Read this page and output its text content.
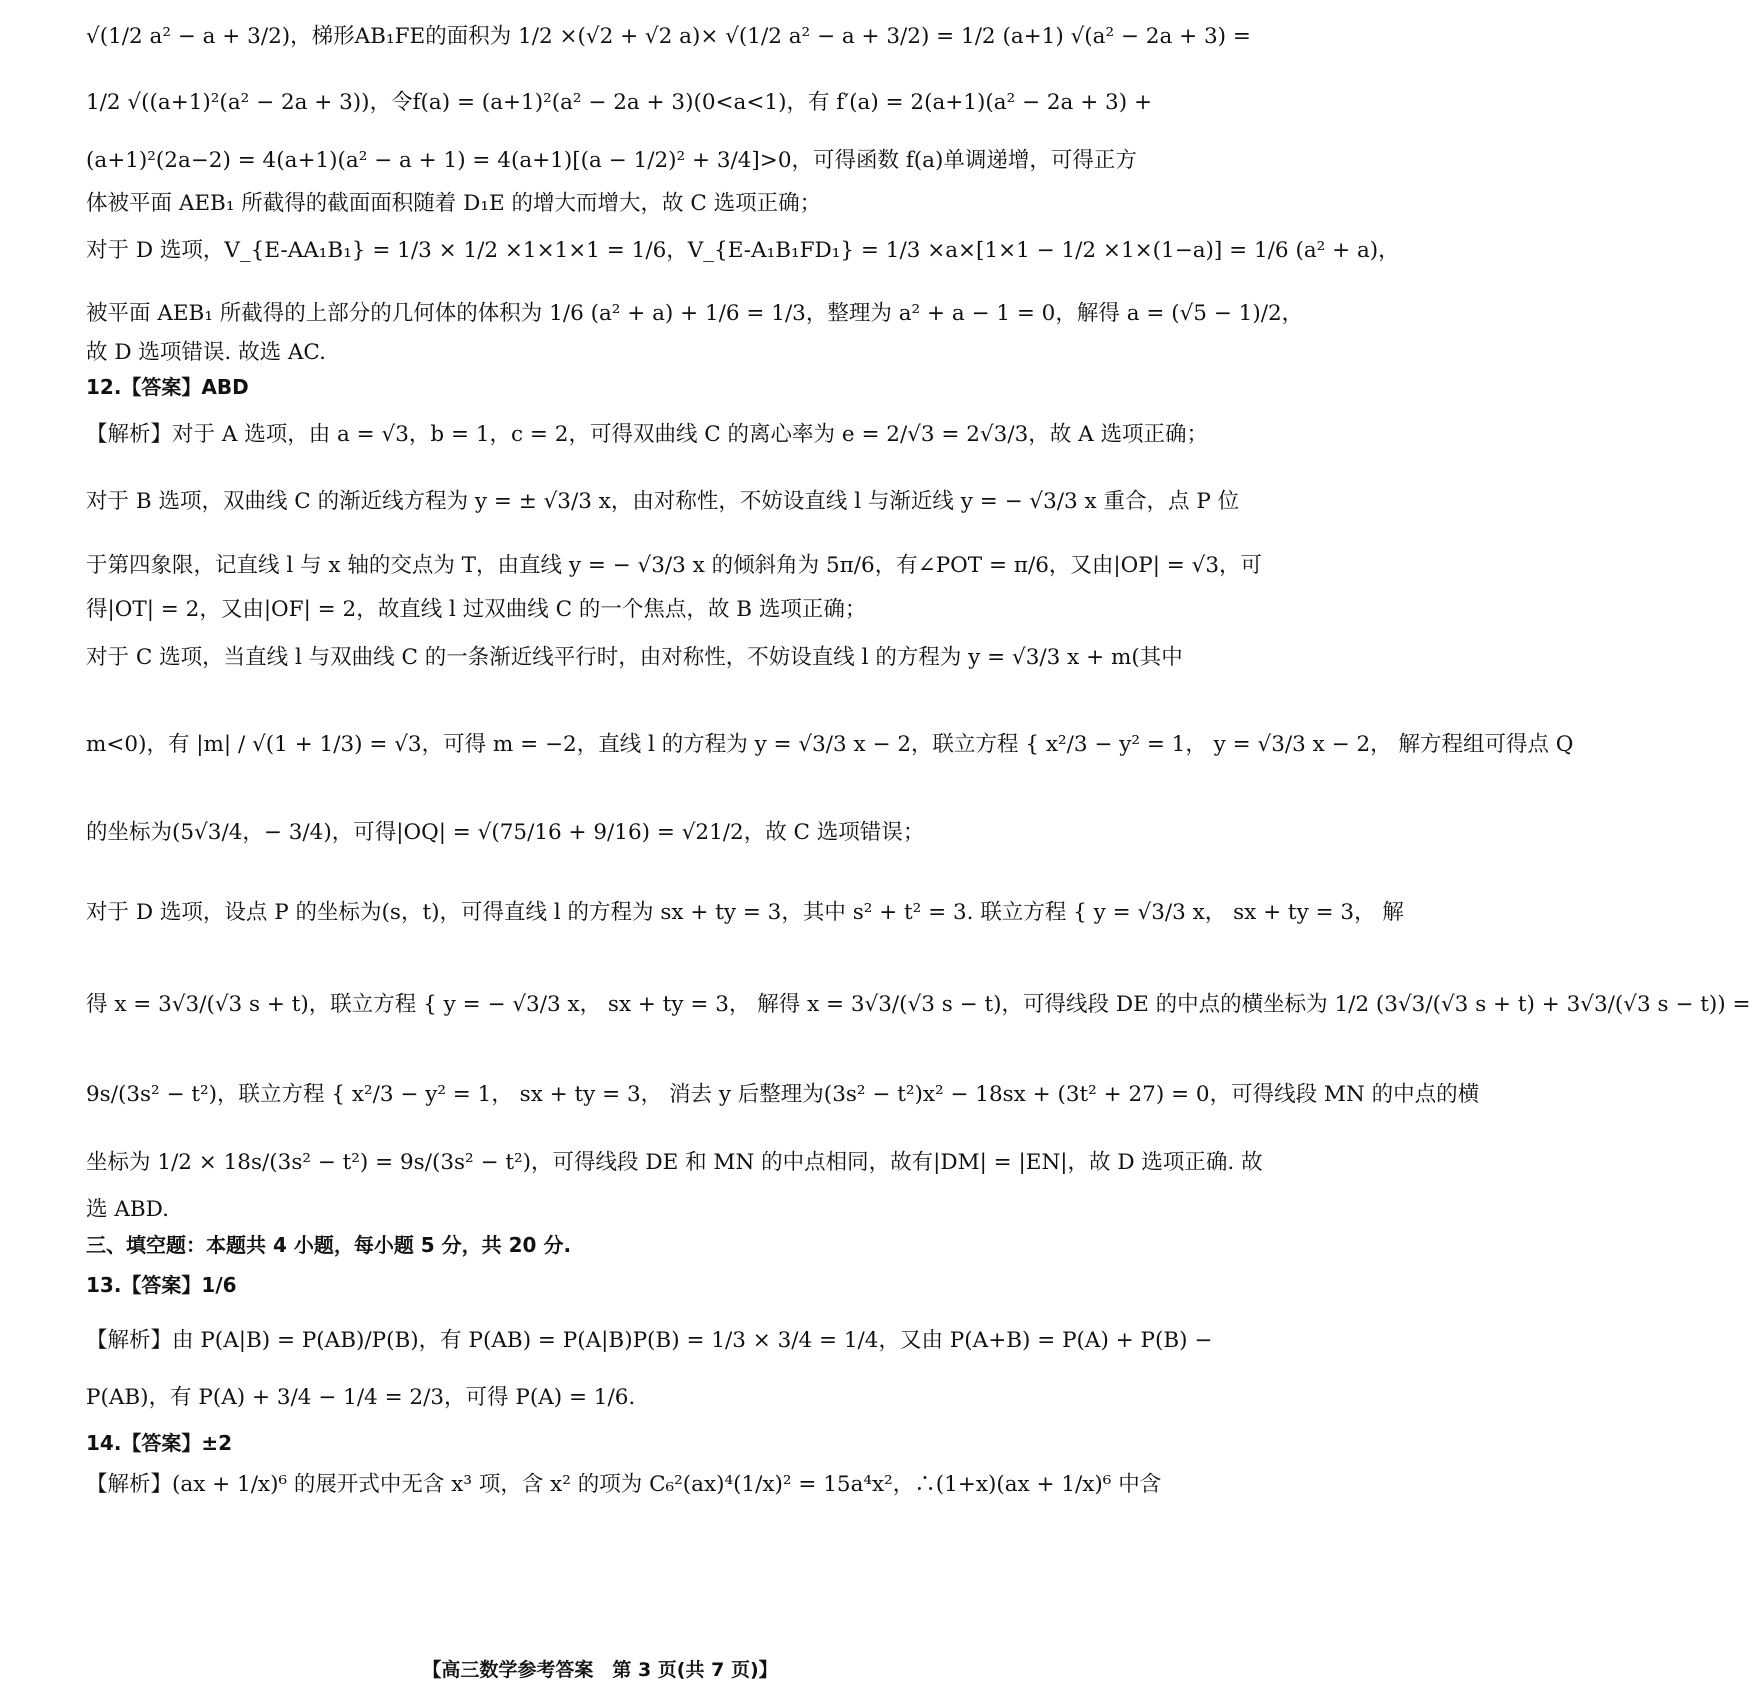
√(1/2 a² − a + 3/2)，梯形AB₁FE的面积为 1/2 ×(√2 + √2 a)× √(1/2 a² − a + 3/2) = 1/2 (a+1) √(a² − 2a + 3) =
1/2 √((a+1)²(a² − 2a + 3))，令f(a) = (a+1)²(a² − 2a + 3)(0<a<1)，有 f′(a) = 2(a+1)(a² − 2a + 3) +
(a+1)²(2a−2) = 4(a+1)(a² − a + 1) = 4(a+1)[(a − 1/2)² + 3/4]>0，可得函数 f(a)单调递增，可得正方
体被平面 AEB₁ 所截得的截面面积随着 D₁E 的增大而增大，故 C 选项正确；
对于 D 选项，V_{E-AA₁B₁} = 1/3 × 1/2 ×1×1×1 = 1/6，V_{E-A₁B₁FD₁} = 1/3 ×a×[1×1 − 1/2 ×1×(1−a)] = 1/6 (a² + a)，
被平面 AEB₁ 所截得的上部分的几何体的体积为 1/6 (a² + a) + 1/6 = 1/3，整理为 a² + a − 1 = 0，解得 a = (√5 − 1)/2，
故 D 选项错误. 故选 AC.
12.【答案】ABD
【解析】对于 A 选项，由 a = √3，b = 1，c = 2，可得双曲线 C 的离心率为 e = 2/√3 = 2√3/3，故 A 选项正确；
对于 B 选项，双曲线 C 的渐近线方程为 y = ± √3/3 x，由对称性，不妨设直线 l 与渐近线 y = − √3/3 x 重合，点 P 位
于第四象限，记直线 l 与 x 轴的交点为 T，由直线 y = − √3/3 x 的倾斜角为 5π/6，有∠POT = π/6，又由|OP| = √3，可
得|OT| = 2，又由|OF| = 2，故直线 l 过双曲线 C 的一个焦点，故 B 选项正确；
对于 C 选项，当直线 l 与双曲线 C 的一条渐近线平行时，由对称性，不妨设直线 l 的方程为 y = √3/3 x + m(其中
m<0)，有 |m| / √(1 + 1/3) = √3，可得 m = −2，直线 l 的方程为 y = √3/3 x − 2，联立方程 { x²/3 − y² = 1， y = √3/3 x − 2， 解方程组可得点 Q
的坐标为(5√3/4，− 3/4)，可得|OQ| = √(75/16 + 9/16) = √21/2，故 C 选项错误；
对于 D 选项，设点 P 的坐标为(s，t)，可得直线 l 的方程为 sx + ty = 3，其中 s² + t² = 3. 联立方程 { y = √3/3 x， sx + ty = 3， 解
得 x = 3√3/(√3 s + t)，联立方程 { y = − √3/3 x， sx + ty = 3， 解得 x = 3√3/(√3 s − t)，可得线段 DE 的中点的横坐标为 1/2 (3√3/(√3 s + t) + 3√3/(√3 s − t)) =
9s/(3s² − t²)，联立方程 { x²/3 − y² = 1， sx + ty = 3， 消去 y 后整理为(3s² − t²)x² − 18sx + (3t² + 27) = 0，可得线段 MN 的中点的横
坐标为 1/2 × 18s/(3s² − t²) = 9s/(3s² − t²)，可得线段 DE 和 MN 的中点相同，故有|DM| = |EN|，故 D 选项正确. 故
选 ABD.
三、填空题：本题共 4 小题，每小题 5 分，共 20 分.
13.【答案】1/6
【解析】由 P(A|B) = P(AB)/P(B)，有 P(AB) = P(A|B)P(B) = 1/3 × 3/4 = 1/4，又由 P(A+B) = P(A) + P(B) −
P(AB)，有 P(A) + 3/4 − 1/4 = 2/3，可得 P(A) = 1/6.
14.【答案】±2
【解析】(ax + 1/x)⁶ 的展开式中无含 x³ 项，含 x² 的项为 C₆²(ax)⁴(1/x)² = 15a⁴x²，∴(1+x)(ax + 1/x)⁶ 中含
【高三数学参考答案　第 3 页(共 7 页)】
